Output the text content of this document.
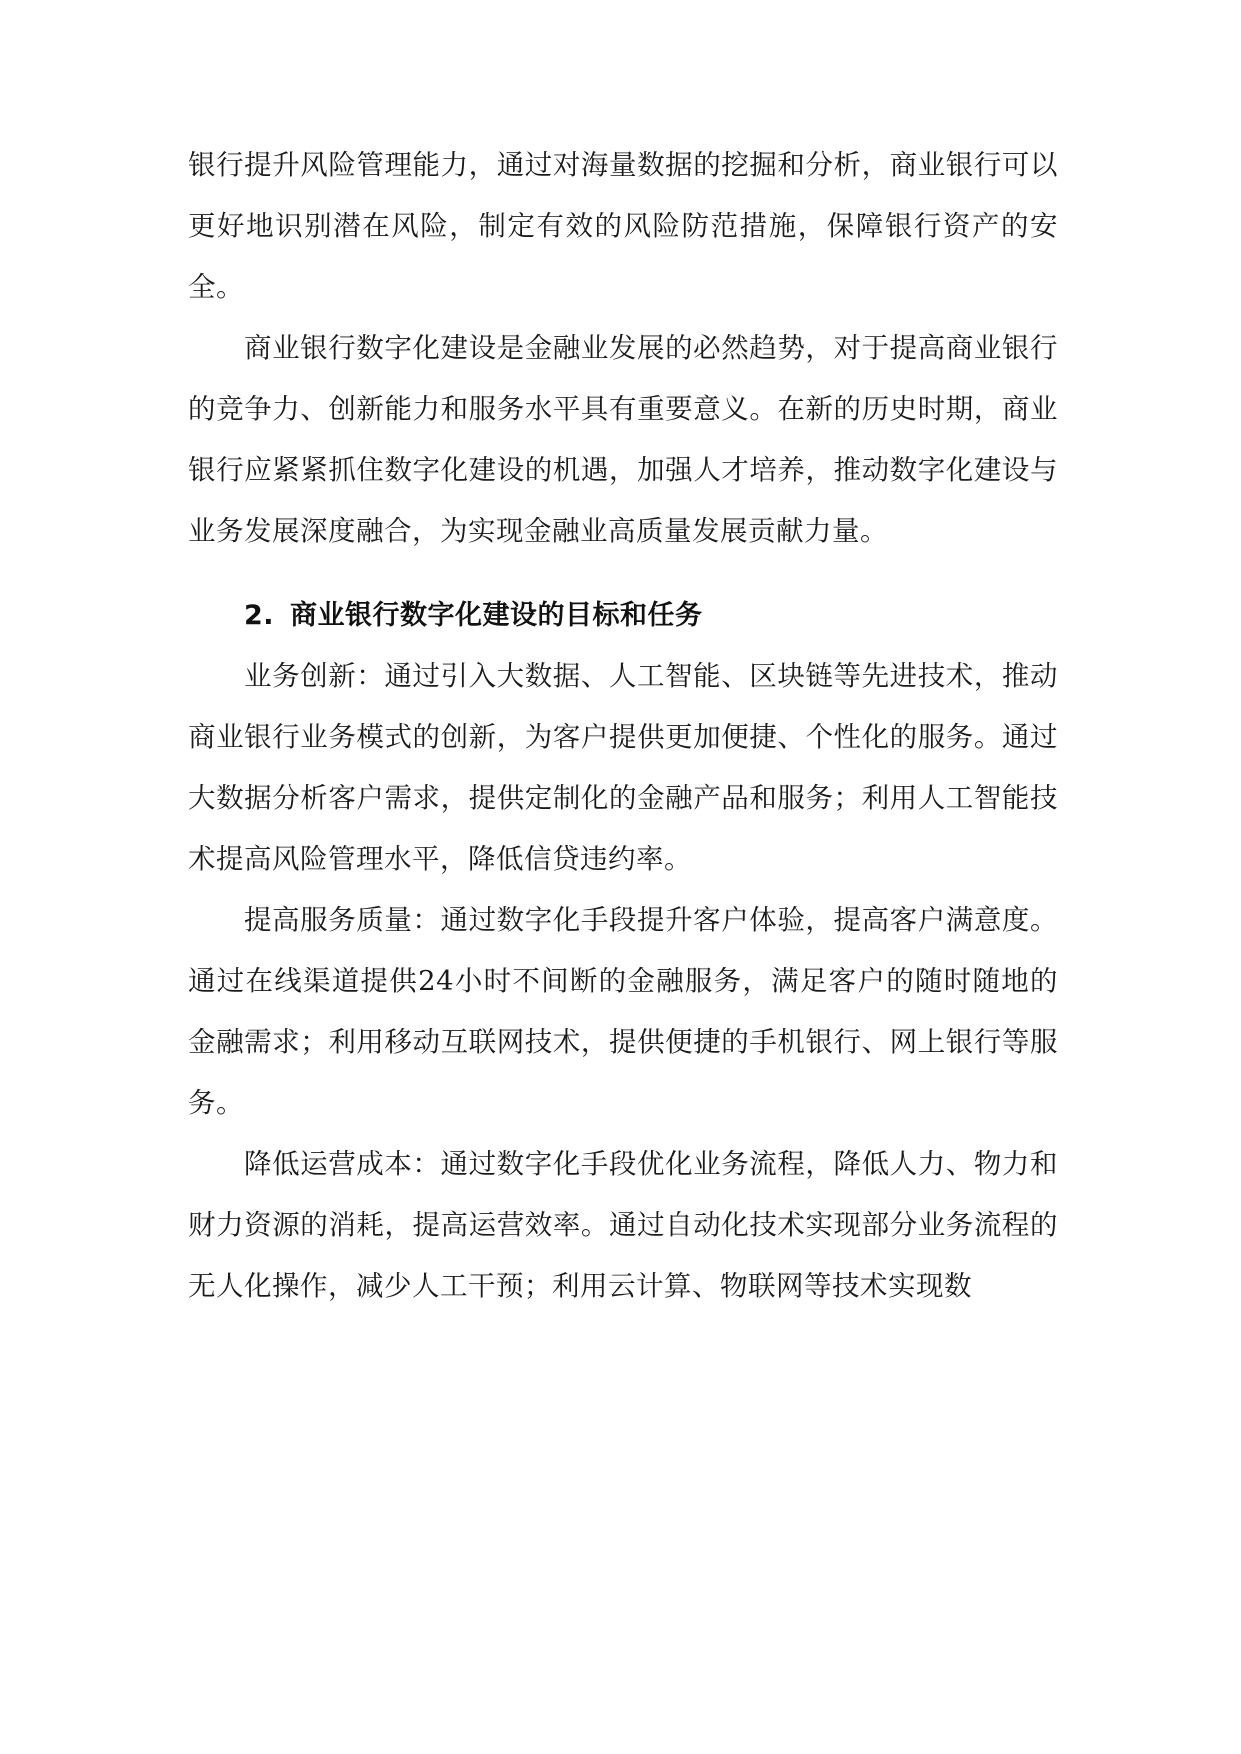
银行提升风险管理能力，通过对海量数据的挖掘和分析，商业银行可以更好地识别潜在风险，制定有效的风险防范措施，保障银行资产的安全。

商业银行数字化建设是金融业发展的必然趋势，对于提高商业银行的竞争力、创新能力和服务水平具有重要意义。在新的历史时期，商业银行应紧紧抓住数字化建设的机遇，加强人才培养，推动数字化建设与业务发展深度融合，为实现金融业高质量发展贡献力量。

2. 商业银行数字化建设的目标和任务

业务创新：通过引入大数据、人工智能、区块链等先进技术，推动商业银行业务模式的创新，为客户提供更加便捷、个性化的服务。通过大数据分析客户需求，提供定制化的金融产品和服务；利用人工智能技术提高风险管理水平，降低信贷违约率。

提高服务质量：通过数字化手段提升客户体验，提高客户满意度。通过在线渠道提供24小时不间断的金融服务，满足客户的随时随地的金融需求；利用移动互联网技术，提供便捷的手机银行、网上银行等服务。

降低运营成本：通过数字化手段优化业务流程，降低人力、物力和财力资源的消耗，提高运营效率。通过自动化技术实现部分业务流程的无人化操作，减少人工干预；利用云计算、物联网等技术实现数
